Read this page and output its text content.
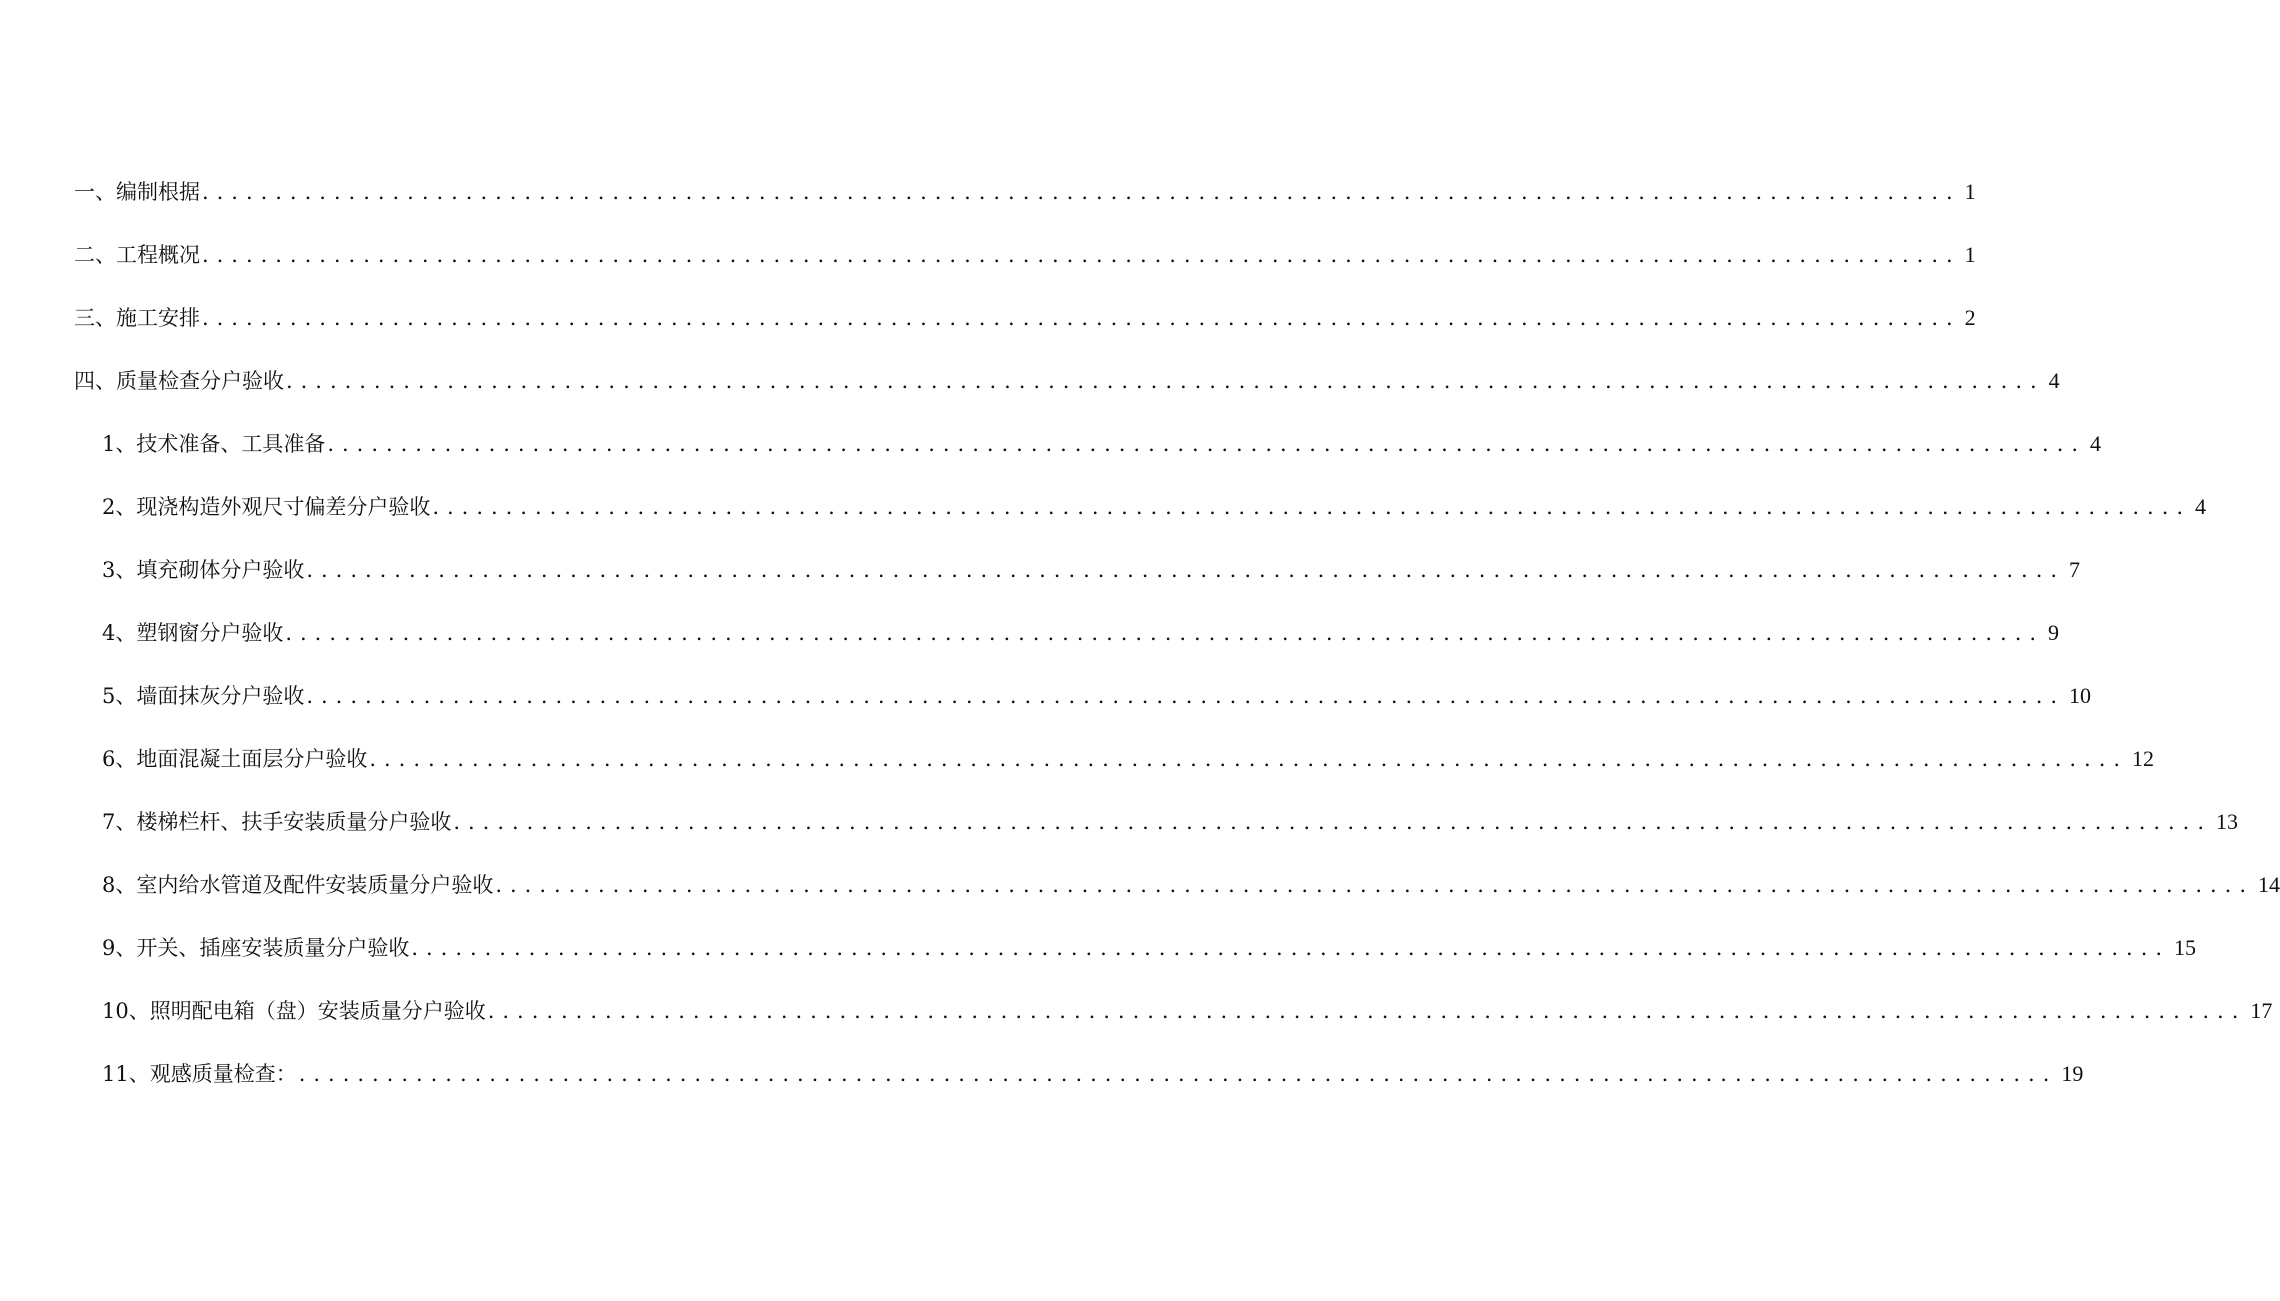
一、编制根据 ........................................................................................................................ 1
二、工程概况 ........................................................................................................................ 1
三、施工安排 ........................................................................................................................ 2
四、质量检查分户验收 ........................................................................................................................ 4
1、技术准备、工具准备 ........................................................................................................................ 4
2、现浇构造外观尺寸偏差分户验收 ........................................................................................................................ 4
3、填充砌体分户验收 ........................................................................................................................ 7
4、塑钢窗分户验收 ........................................................................................................................ 9
5、墙面抹灰分户验收 ........................................................................................................................ 10
6、地面混凝土面层分户验收 ........................................................................................................................ 12
7、楼梯栏杆、扶手安装质量分户验收 ........................................................................................................................ 13
8、室内给水管道及配件安装质量分户验收 ........................................................................................................................ 14
9、开关、插座安装质量分户验收 ........................................................................................................................ 15
10、照明配电箱（盘）安装质量分户验收 ........................................................................................................................ 17
11、观感质量检查： ........................................................................................................................ 19
